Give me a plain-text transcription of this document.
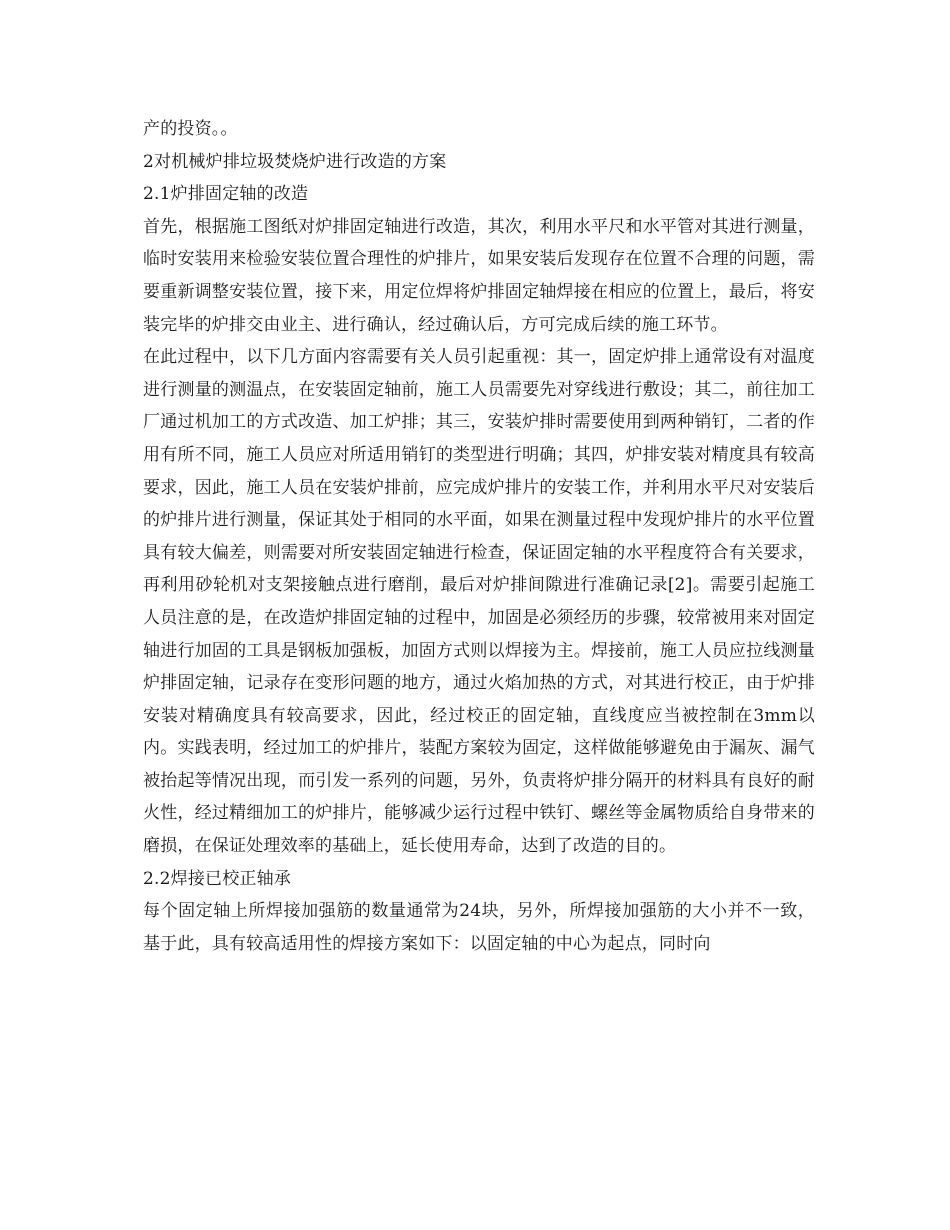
产的投资。。

2对机械炉排垃圾焚烧炉进行改造的方案

2.1炉排固定轴的改造

首先，根据施工图纸对炉排固定轴进行改造，其次，利用水平尺和水平管对其进行测量，临时安装用来检验安装位置合理性的炉排片，如果安装后发现存在位置不合理的问题，需要重新调整安装位置，接下来，用定位焊将炉排固定轴焊接在相应的位置上，最后，将安装完毕的炉排交由业主、进行确认，经过确认后，方可完成后续的施工环节。

在此过程中，以下几方面内容需要有关人员引起重视：其一，固定炉排上通常设有对温度进行测量的测温点，在安装固定轴前，施工人员需要先对穿线进行敷设；其二，前往加工厂通过机加工的方式改造、加工炉排；其三，安装炉排时需要使用到两种销钉，二者的作用有所不同，施工人员应对所适用销钉的类型进行明确；其四，炉排安装对精度具有较高要求，因此，施工人员在安装炉排前，应完成炉排片的安装工作，并利用水平尺对安装后的炉排片进行测量，保证其处于相同的水平面，如果在测量过程中发现炉排片的水平位置具有较大偏差，则需要对所安装固定轴进行检查，保证固定轴的水平程度符合有关要求，再利用砂轮机对支架接触点进行磨削，最后对炉排间隙进行准确记录[2]。需要引起施工人员注意的是，在改造炉排固定轴的过程中，加固是必须经历的步骤，较常被用来对固定轴进行加固的工具是钢板加强板，加固方式则以焊接为主。焊接前，施工人员应拉线测量炉排固定轴，记录存在变形问题的地方，通过火焰加热的方式，对其进行校正，由于炉排安装对精确度具有较高要求，因此，经过校正的固定轴，直线度应当被控制在3mm以内。实践表明，经过加工的炉排片，装配方案较为固定，这样做能够避免由于漏灰、漏气被抬起等情况出现，而引发一系列的问题，另外，负责将炉排分隔开的材料具有良好的耐火性，经过精细加工的炉排片，能够减少运行过程中铁钉、螺丝等金属物质给自身带来的磨损，在保证处理效率的基础上，延长使用寿命，达到了改造的目的。

2.2焊接已校正轴承

每个固定轴上所焊接加强筋的数量通常为24块，另外，所焊接加强筋的大小并不一致，基于此，具有较高适用性的焊接方案如下：以固定轴的中心为起点，同时向
